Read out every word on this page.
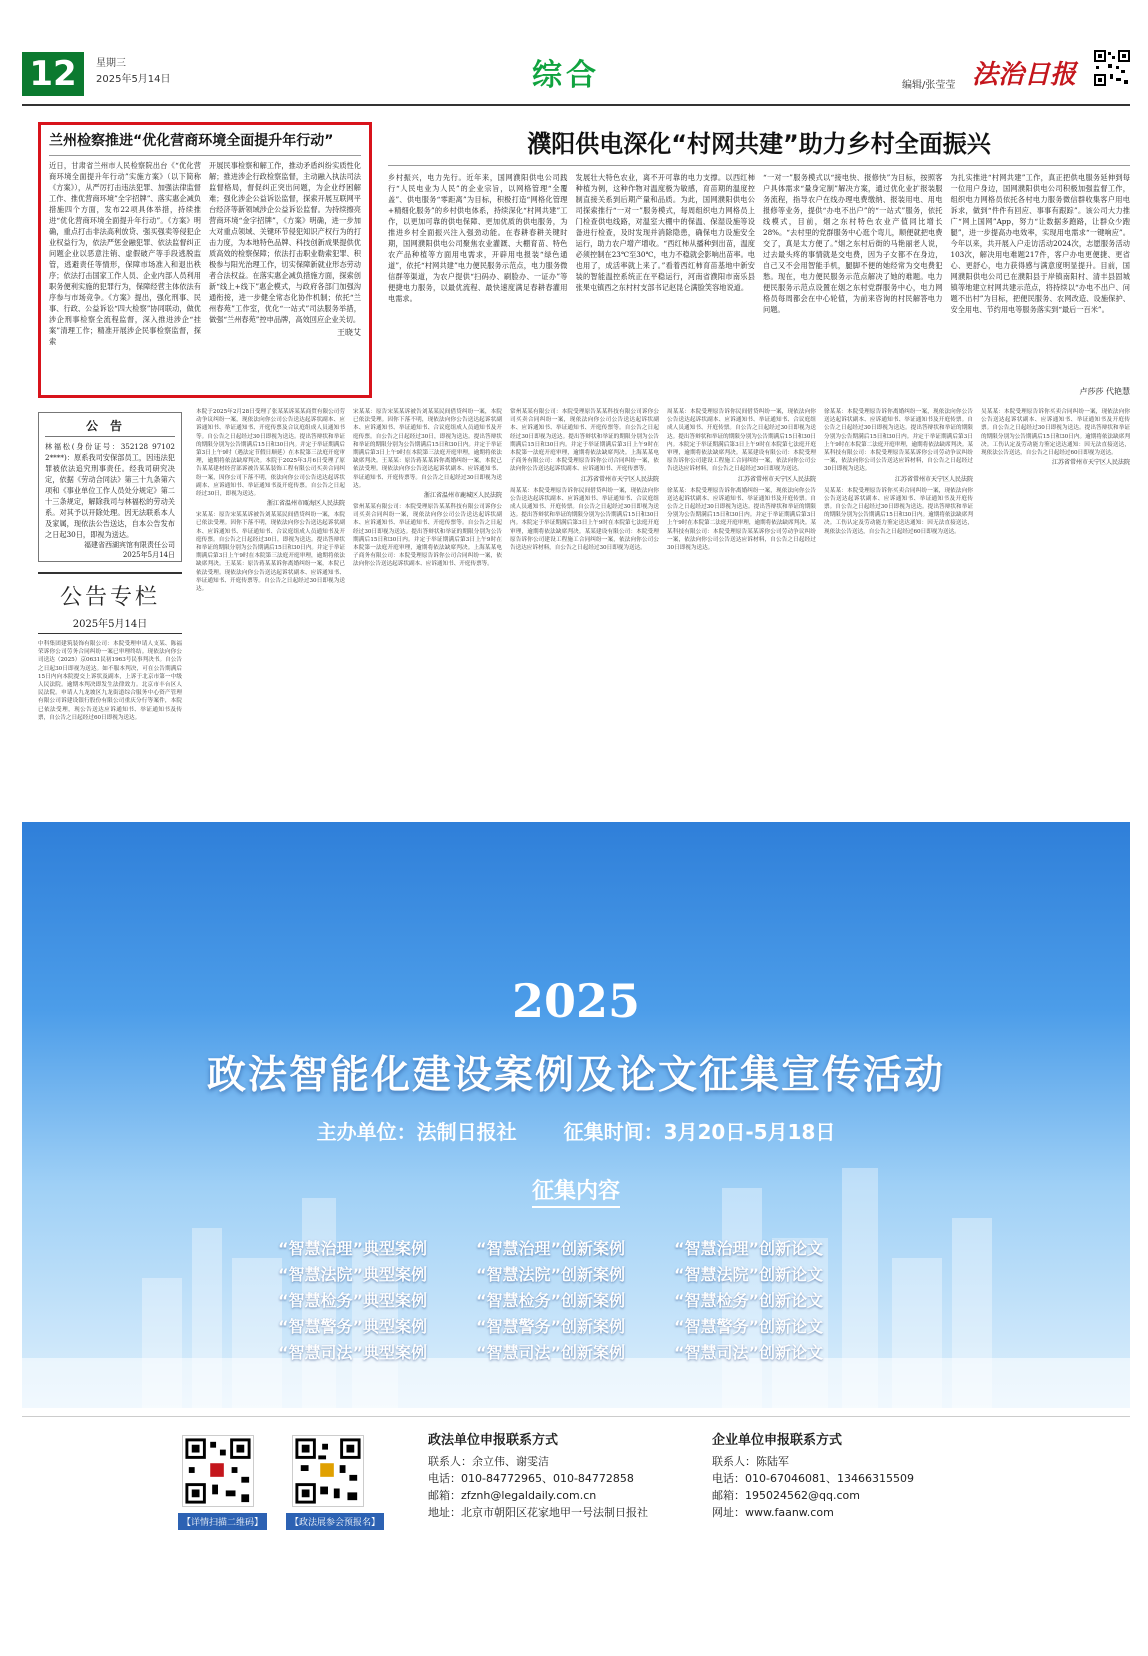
12	星期三
2025年5月14日	综合	编辑/张莹莹 法治日报
兰州检察推进“优化营商环境全面提升年行动”
近日，甘肃省兰州市人民检察院出台《“优化营商环境全面提升年行动”实施方案》（以下简称《方案》），从严厉打击违法犯罪、加强法律监督工作、推优营商环境”全字招牌”、落实惠企减负措施四个方面，发布22项具体举措，持续推进“优化营商环境全面提升年行动”。《方案》明确，重点打击非法高利放贷、强买强卖等侵犯企业权益行为，依法严惩金融犯罪、依法监督纠正问题企业以恶意注销、虚假破产等手段逃脱监管，逃避责任等情形，保障市场准入和退出秩序；依法打击国家工作人员、企业内部人员利用职务便利实施的犯罪行为，保障经营主体依法有序参与市场竞争。《方案》提出，强化刑事、民事、行政、公益诉讼“四大检察”协同联动，做优涉企刑事检察全流程监督，深入推进涉企“挂案”清理工作；精准开展涉企民事检察监督，探索
开展民事检察和解工作，推动矛盾纠纷实质性化解；推进涉企行政检察监督，主动融入执法司法监督格局，督促纠正突出问题，为企业纾困解难；强化涉企公益诉讼监督，探索开展互联网平台经济等新领域涉企公益诉讼监督。为持续擦亮营商环境“金字招牌”，《方案》明确，进一步加大对重点领域、关键环节侵犯知识产权行为的打击力度，为本地特色品牌、科技创新成果提供优质高效的检察保障；依法打击职业勒索犯罪、积极参与阳光治理工作，切实保障新就业形态劳动者合法权益。在落实惠企减负措施方面，探索创新“线上+线下”惠企模式，与政府各部门加强沟通衔接，进一步健全常态化协作机制；依托“兰州春苑”工作室，优化“一站式”司法服务举措，做强“兰州春苑”控申品牌，高效回应企业关切。
王晓艾
濮阳供电深化“村网共建”助力乡村全面振兴
乡村振兴，电力先行。近年来，国网濮阳供电公司践行“人民电业为人民”的企业宗旨，以网格管理“全覆盖”、供电服务“零距离”为目标，积极打造“网格化管理+精细化服务”的乡村供电体系，持续深化“村网共建”工作，以更加可靠的供电保障、更加优质的供电服务，为推进乡村全面振兴注入强劲动能。在春耕春耕关键时期，国网濮阳供电公司聚焦农业灌溉、大棚育苗、特色农产品种植等方面用电需求，开辟用电报装“绿色通道”，依托“村网共建”电力便民服务示范点，电力服务微信群等渠道，为农户提供“扫码办、刷脸办、一证办”等便捷电力服务，以最优流程、最快速度满足春耕春灌用电需求。
发展壮大特色农业，离不开可靠的电力支撑。以西红柿种植为例，这种作物对温度极为敏感，育苗期的温度控制直接关系到后期产量和品质。为此，国网濮阳供电公司探索推行“一对一”服务模式，每周组织电力网格员上门检查供电线路，对温室大棚中的保温、保湿设施等设备进行检查，及时发现并消除隐患，确保电力设施安全运行，助力农户增产增收。“西红柿从播种到出苗，温度必须控制在23℃至30℃，电力不稳就会影响出苗率。电也用了，成活率就上来了。”看着西红柿育苗基地中新安装的智能温控系统正在平稳运行，河南省濮阳市南乐县张果屯镇西之东村村支部书记赵昆仑满脸笑容地说道。
“一对一”服务模式以“接电快、报修快”为目标，按照客户具体需求“量身定制”解决方案，通过优化业扩报装服务流程，指导农户在线办理电费缴纳、报装用电、用电报修等业务，提供“办电不出户”的“一站式”服务，依托线模式，目前，烟之东村特色农业产值同比增长28%。“去村里的党群服务中心逛个弯儿，顺便就把电费交了，真是太方便了。”烟之东村后街的马艳丽老人说，过去最头疼的事情就是交电费，因为子女都不在身边，自己又不会用智能手机，腿脚不便的她经常为交电费犯愁。现在，电力便民服务示范点解决了她的难题。电力便民服务示范点设置在烟之东村党群服务中心，电力网格员每周都会在中心轮值，为前来咨询的村民解答电力问题。
为扎实推进“村网共建”工作，真正把供电服务延伸到每一位用户身边，国网濮阳供电公司积极加强监督工作，组织电力网格员依托各村电力服务微信群收集客户用电诉求，做到“件件有回应、事事有跟踪”。该公司大力推广“网上国网”App，努力“让数据多跑路，让群众少跑腿”，进一步提高办电效率，实现用电需求“一键响应”。今年以来，共开展入户走访活动2024次，志愿服务活动103次，解决用电难题217件，客户办电更便捷、更省心、更舒心，电力获得感与满意度明显提升。目前，国网濮阳供电公司已在濮阳县于岸镇南阳村、清丰县固城镇等地建立村网共建示范点，将持续以“办电不出户、问题不出村”为目标，把便民服务、农网改造、设施保护、安全用电、节约用电等服务落实到“最后一百米”。
卢莎莎 代艳慧
公告
林福松(身份证号：352128 97102 2****)：原系我司安保部员工，因违法犯罪被依法追究刑事责任。经我司研究决定，依据《劳动合同法》第三十九条第六项和《事业单位工作人员处分规定》第二十三条规定，解除我司与林福松的劳动关系。对其予以开除处理。因无法联系本人及家属，现依法公告送达，自本公告发布之日起30日，即视为送达。
福建省西湖宾馆有限责任公司
2025年5月14日
公告专栏
2025年5月14日
中科集团建筑装饰有限公司：本院受理申请人支某、陈福荣诉你公司劳务合同纠纷一案已审理终结。现依法向你公司送达（2025）京0631民初1963号民事判决书。自公告之日起30日即视为送达。如不服本判决，可在公告期满后15日内向本院提交上诉状及副本，上诉于北京市第一中级人民法院。逾期本判决即发生法律效力。北京市丰台区人民法院。申请人九龙坡区九龙街道综合服务中心资产管理有限公司诉建设银行股份有限公司重庆分行等案件，本院已依法受理，现公告送达应诉通知书、举证通知书及传票，自公告之日起经过60日即视为送达。
本院于2025年2月28日受理了张某某诉某某商贸有限公司劳动争议纠纷一案，现依法向你公司公告送达起诉状副本、应诉通知书、举证通知书、开庭传票及合议庭组成人员通知书等。自公告之日起经过30日即视为送达。提出答辩状和举证的期限分别为公告期满后15日和30日内。并定于举证期满后第3日上午9时（遇法定节假日顺延）在本院第三法庭开庭审理，逾期将依法缺席判决。本院于2025年3月6日受理了原告某某建材经营部诉被告某某装饰工程有限公司买卖合同纠纷一案，因你公司下落不明，依法向你公司公告送达起诉状副本、应诉通知书、举证通知书及开庭传票。自公告之日起经过30日，即视为送达。
浙江省温州市瓯海区人民法院
宋某某：原告宋某某诉被告刘某某民间借贷纠纷一案，本院已依法受理。因你下落不明，现依法向你公告送达起诉状副本、应诉通知书、举证通知书、合议庭组成人员通知书及开庭传票。自公告之日起经过30日，即视为送达。提出答辩状和举证的期限分别为公告期满后15日和30日内。并定于举证期满后第3日上午9时在本院第三法庭开庭审理，逾期将依法缺席判决。王某某：原告蒋某某诉你离婚纠纷一案，本院已依法受理。现依法向你公告送达起诉状副本、应诉通知书、举证通知书、开庭传票等。自公告之日起经过30日即视为送达。
宋某某：原告宋某某诉被告刘某某民间借贷纠纷一案，本院已依法受理。因你下落不明，现依法向你公告送达起诉状副本、应诉通知书、举证通知书、合议庭组成人员通知书及开庭传票。自公告之日起经过30日，即视为送达。提出答辩状和举证的期限分别为公告期满后15日和30日内。并定于举证期满后第3日上午9时在本院第三法庭开庭审理，逾期将依法缺席判决。王某某：原告蒋某某诉你离婚纠纷一案，本院已依法受理。现依法向你公告送达起诉状副本、应诉通知书、举证通知书、开庭传票等。自公告之日起经过30日即视为送达。
浙江省温州市鹿城区人民法院
常州某某有限公司：本院受理原告某某科技有限公司诉你公司买卖合同纠纷一案，现依法向你公司公告送达起诉状副本、应诉通知书、举证通知书、开庭传票等。自公告之日起经过30日即视为送达。提出答辩状和举证的期限分别为公告期满后15日和30日内。并定于举证期满后第3日上午9时在本院第一法庭开庭审理，逾期将依法缺席判决。上海某某电子商务有限公司：本院受理原告诉你公司合同纠纷一案，依法向你公告送达起诉状副本、应诉通知书、开庭传票等。
常州某某有限公司：本院受理原告某某科技有限公司诉你公司买卖合同纠纷一案，现依法向你公司公告送达起诉状副本、应诉通知书、举证通知书、开庭传票等。自公告之日起经过30日即视为送达。提出答辩状和举证的期限分别为公告期满后15日和30日内。并定于举证期满后第3日上午9时在本院第一法庭开庭审理，逾期将依法缺席判决。上海某某电子商务有限公司：本院受理原告诉你公司合同纠纷一案，依法向你公告送达起诉状副本、应诉通知书、开庭传票等。
江苏省常州市天宁区人民法院
周某某：本院受理原告诉你民间借贷纠纷一案，现依法向你公告送达起诉状副本、应诉通知书、举证通知书、合议庭组成人员通知书、开庭传票。自公告之日起经过30日即视为送达。提出答辩状和举证的期限分别为公告期满后15日和30日内。本院定于举证期满后第3日上午9时在本院第七法庭开庭审理，逾期将依法缺席判决。某某建设有限公司：本院受理原告诉你公司建设工程施工合同纠纷一案，依法向你公司公告送达应诉材料，自公告之日起经过30日即视为送达。
周某某：本院受理原告诉你民间借贷纠纷一案，现依法向你公告送达起诉状副本、应诉通知书、举证通知书、合议庭组成人员通知书、开庭传票。自公告之日起经过30日即视为送达。提出答辩状和举证的期限分别为公告期满后15日和30日内。本院定于举证期满后第3日上午9时在本院第七法庭开庭审理，逾期将依法缺席判决。某某建设有限公司：本院受理原告诉你公司建设工程施工合同纠纷一案，依法向你公司公告送达应诉材料，自公告之日起经过30日即视为送达。
江苏省常州市天宁区人民法院
徐某某：本院受理原告诉你离婚纠纷一案，现依法向你公告送达起诉状副本、应诉通知书、举证通知书及开庭传票。自公告之日起经过30日即视为送达。提出答辩状和举证的期限分别为公告期满后15日和30日内。并定于举证期满后第3日上午9时在本院第二法庭开庭审理，逾期将依法缺席判决。某某科技有限公司：本院受理原告某某诉你公司劳动争议纠纷一案，依法向你公司公告送达应诉材料，自公告之日起经过30日即视为送达。
徐某某：本院受理原告诉你离婚纠纷一案，现依法向你公告送达起诉状副本、应诉通知书、举证通知书及开庭传票。自公告之日起经过30日即视为送达。提出答辩状和举证的期限分别为公告期满后15日和30日内。并定于举证期满后第3日上午9时在本院第二法庭开庭审理，逾期将依法缺席判决。某某科技有限公司：本院受理原告某某诉你公司劳动争议纠纷一案，依法向你公司公告送达应诉材料，自公告之日起经过30日即视为送达。
江苏省常州市天宁区人民法院
吴某某：本院受理原告诉你买卖合同纠纷一案，现依法向你公告送达起诉状副本、应诉通知书、举证通知书及开庭传票。自公告之日起经过30日即视为送达。提出答辩状和举证的期限分别为公告期满后15日和30日内。逾期将依法缺席判决。工伤认定及劳动能力鉴定送达通知：因无法直接送达，现依法公告送达，自公告之日起经过60日即视为送达。
吴某某：本院受理原告诉你买卖合同纠纷一案，现依法向你公告送达起诉状副本、应诉通知书、举证通知书及开庭传票。自公告之日起经过30日即视为送达。提出答辩状和举证的期限分别为公告期满后15日和30日内。逾期将依法缺席判决。工伤认定及劳动能力鉴定送达通知：因无法直接送达，现依法公告送达，自公告之日起经过60日即视为送达。
江苏省常州市天宁区人民法院
2025
政法智能化建设案例及论文征集宣传活动
主办单位：法制日报社 征集时间：3月20日-5月18日
征集内容
“智慧治理”典型案例	“智慧治理”创新案例	“智慧治理”创新论文
“智慧法院”典型案例	“智慧法院”创新案例	“智慧法院”创新论文
“智慧检务”典型案例	“智慧检务”创新案例	“智慧检务”创新论文
“智慧警务”典型案例	“智慧警务”创新案例	“智慧警务”创新论文
“智慧司法”典型案例	“智慧司法”创新案例	“智慧司法”创新论文
【详情扫描二维码】	【政法展参会预报名】
政法单位申报联系方式
联系人：余立伟、谢雯洁
电话：010-84772965、010-84772858
邮箱：zfznh@legaldaily.com.cn
地址：北京市朝阳区花家地甲一号法制日报社
企业单位申报联系方式
联系人：陈陆军
电话：010-67046081、13466315509
邮箱：195024562@qq.com
网址：www.faanw.com
